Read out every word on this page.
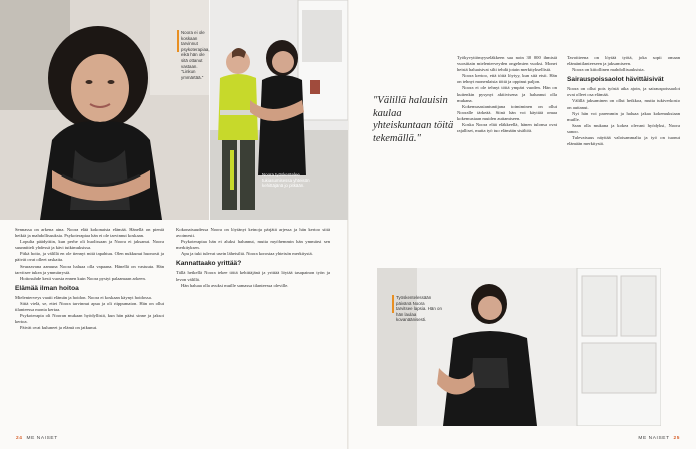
Noora ei ole koskaan tarvinnut psykoterapiaa, eikä hän ole sitä ottanut vastaan. "Linkun ymmärtää."
Noora työskentelee tukiasumisessa yhteisön kehittäjänä jo pitkään.

Sennassa on arkena aina. Noora elää kokonaista elämää. Hänellä on pieniä hetkiä ja mahdollisuuksia. Psykoterapiaa hän ei ole tarvinnut koskaan.

Lopulta päädyttiin, kun perhe oli huolissaan ja Noora ei jaksanut. Noora suunnitteli yhdessä ja kävi tutkimuksissa.

Pitkä hoito, ja välillä en ole tiennyt mitä tapahtuu. Olen nukkunut huonosti ja päivät ovat olleet raskaita.

Seuraavana aamuna Noora haluaa olla vapaana. Hänellä on vastuuta. Hän tarvitsee tukea ja ymmärrystä.

Hoitosuhde kesti vuosia ennen kuin Noora pystyi palaamaan arkeen.

Elämää ilman hoitoa

Mielenterveys vaatii elämän ja hoidon. Noora ei koskaan käynyt hoidossa.

Sittä vielä, se, ettei Noora tarvinnut apua ja oli riippumaton. Hän on ollut tilanteessa monta kertaa.

Psykoterapia oli Nooran mukaan hyödyllistä, kun hän pääsi sinne ja jaksoi kertoa.

Päivät ovat kuluneet ja elämä on jatkunut.

Kokonaisuudessa Noora on löytänyt keinoja pärjätä arjessa ja hän kertoo siitä avoimesti.

Psykoterapiaa hän ei aluksi halunnut, mutta myöhemmin hän ymmärsi sen merkityksen.

Apu ja tuki tulevat usein läheisiltä. Noora korostaa yhteisön merkitystä.

Kannattaako yrittää?

Tällä hetkellä Noora tekee töitä kehittäjänä ja yrittää löytää tasapainon työn ja levon välillä.

Hän haluaa olla avuksi muille samassa tilanteessa oleville.

24 ME NAISET
"Välillä halauisin kaulaa yhteiskuntaan töitä tekemällä."

Työkyvyttömyyseläkkeen saa noin 30 000 ihmistä vuosittain mielenterveyden ongelmien vuoksi. Monet heistä haluaisivat silti tehdä jotain merkityksellistä.

Noora kertoo, että töitä löytyy, kun sitä etsii. Hän on tehnyt monenlaisia töitä ja oppinut paljon.

Noora ei ole tehnyt töitä ympäri vuoden. Hän on kuitenkin pysynyt aktiivisena ja halunnut olla mukana.

Kokemusasiantuntijana toimiminen on ollut Nooralle tärkeää. Siinä hän voi käyttää omaa kokemustaan muiden auttamiseen.

Koska Noora elää eläkkeellä, hänen tulonsa ovat rajalliset, mutta työ tuo elämään sisältöä.

Tavoitteena on löytää työtä, joka sopii omaan elämäntilanteeseen ja jaksamiseen.

Noora on kiitollinen mahdollisuuksista.

Sairauspoissaolot hävittäisivät

Noora on ollut pois työstä aika ajoin, ja sairauspoissaolot ovat olleet osa elämää.

Välillä jaksaminen on ollut heikkoa, mutta tukiverkosto on auttanut.

Nyt hän voi paremmin ja haluaa jakaa kokemuksiaan muille.

Saan olla mukana ja kokea olevani hyödyksi, Noora sanoo.

Tulevaisuus näyttää valoisammalta ja työ on tuonut elämään merkitystä.

Työskentelessään päivänä Noora tarvitsee lapsia. Hän on hän laulaa kovanäänisesti.
ME NAISET 25
